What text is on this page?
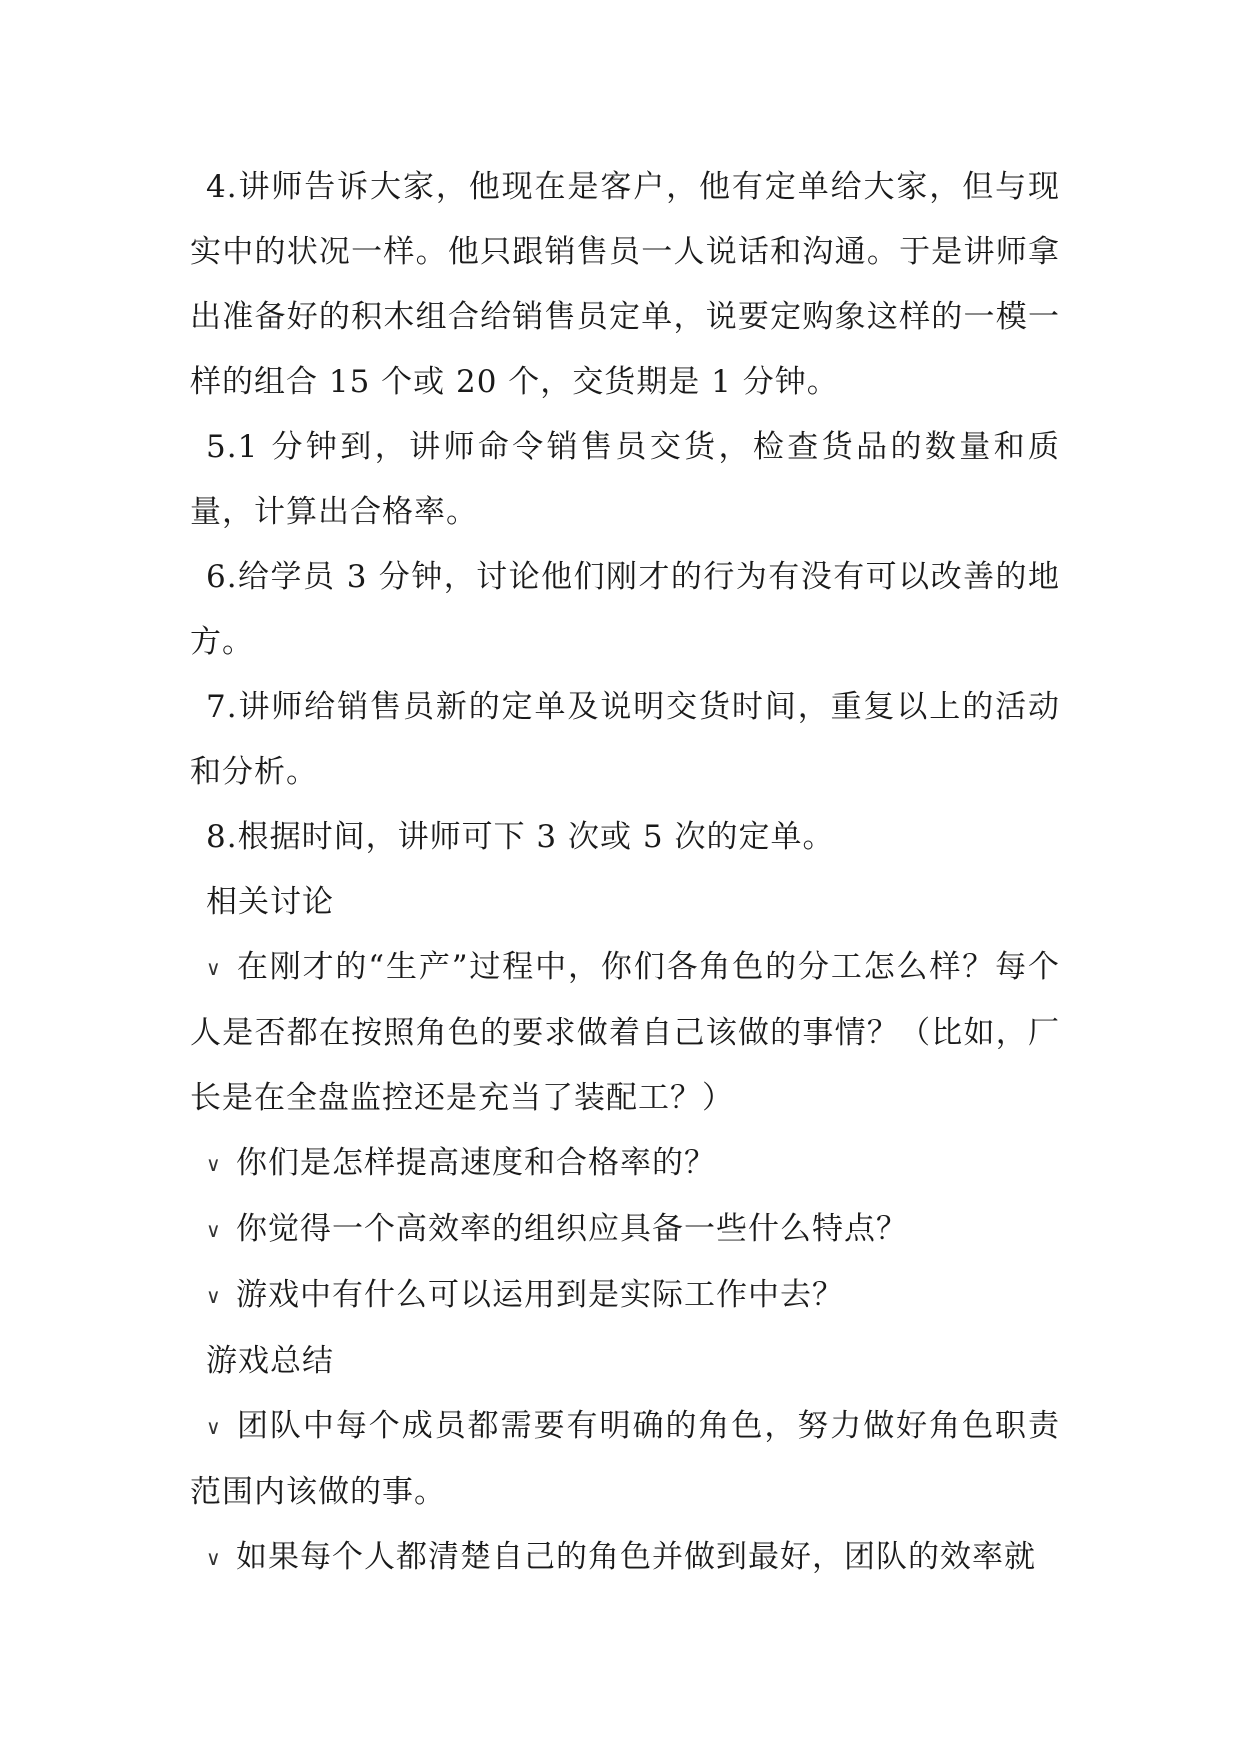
4.讲师告诉大家，他现在是客户，他有定单给大家，但与现实中的状况一样。他只跟销售员一人说话和沟通。于是讲师拿出准备好的积木组合给销售员定单，说要定购象这样的一模一样的组合 15 个或 20 个，交货期是 1 分钟。

5.1 分钟到，讲师命令销售员交货，检查货品的数量和质量，计算出合格率。

6.给学员 3 分钟，讨论他们刚才的行为有没有可以改善的地方。

7.讲师给销售员新的定单及说明交货时间，重复以上的活动和分析。

8.根据时间，讲师可下 3 次或 5 次的定单。

相关讨论

∨ 在刚才的“生产”过程中，你们各角色的分工怎么样？每个人是否都在按照角色的要求做着自己该做的事情？（比如，厂长是在全盘监控还是充当了装配工？）

∨ 你们是怎样提高速度和合格率的？

∨ 你觉得一个高效率的组织应具备一些什么特点？

∨ 游戏中有什么可以运用到是实际工作中去？

游戏总结

∨ 团队中每个成员都需要有明确的角色，努力做好角色职责范围内该做的事。

∨ 如果每个人都清楚自己的角色并做到最好，团队的效率就
